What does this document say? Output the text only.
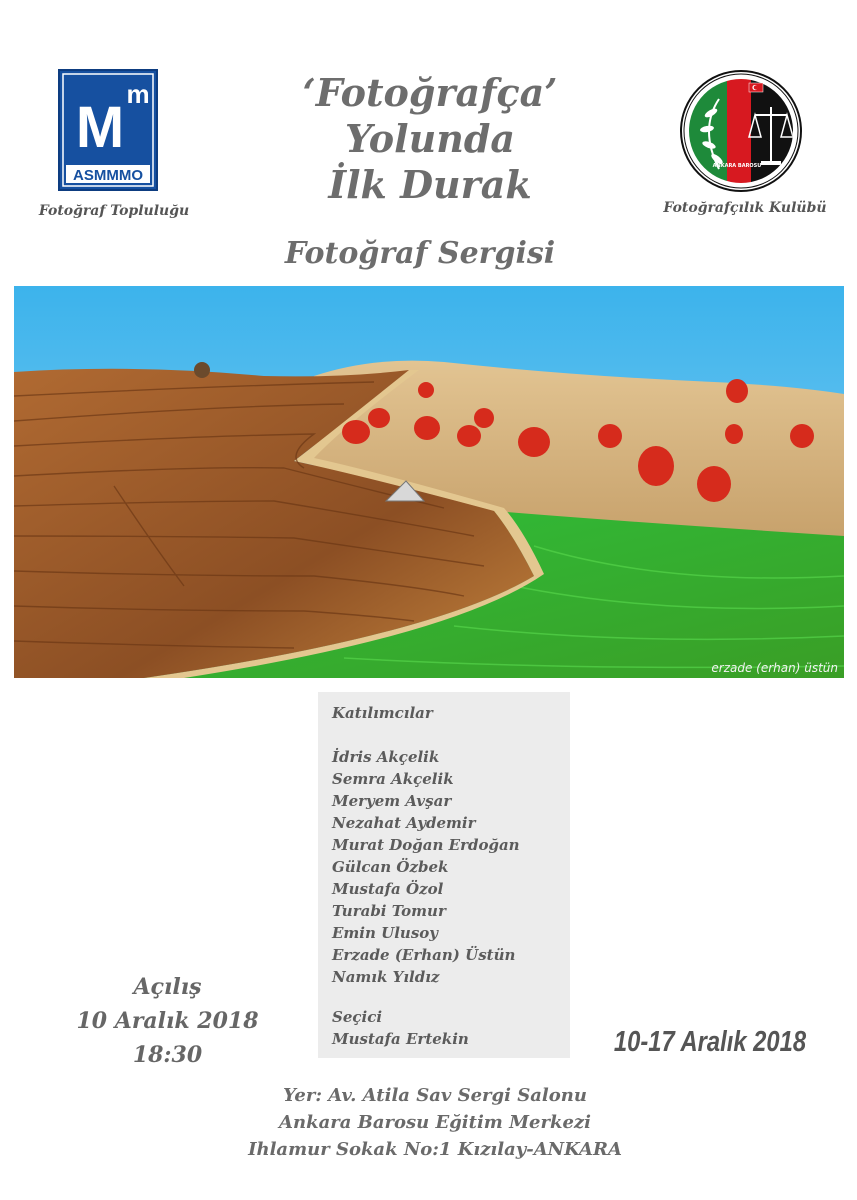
M
m
ASMMMO
Fotoğraf Topluluğu
‘Fotoğrafça’
Yolunda
İlk Durak
Fotoğraf Sergisi
ANKARA BAROSU
Fotoğrafçılık Kulübü
erzade (erhan) üstün
Katılımcılar
İdris Akçelik
Semra Akçelik
Meryem Avşar
Nezahat Aydemir
Murat Doğan Erdoğan
Gülcan Özbek
Mustafa Özol
Turabi Tomur
Emin Ulusoy
Erzade (Erhan) Üstün
Namık Yıldız
Seçici
Mustafa Ertekin
Açılış
10 Aralık 2018
18:30	10-17 Aralık 2018
Yer: Av. Atila Sav Sergi Salonu
Ankara Barosu Eğitim Merkezi
Ihlamur Sokak No:1 Kızılay-ANKARA
